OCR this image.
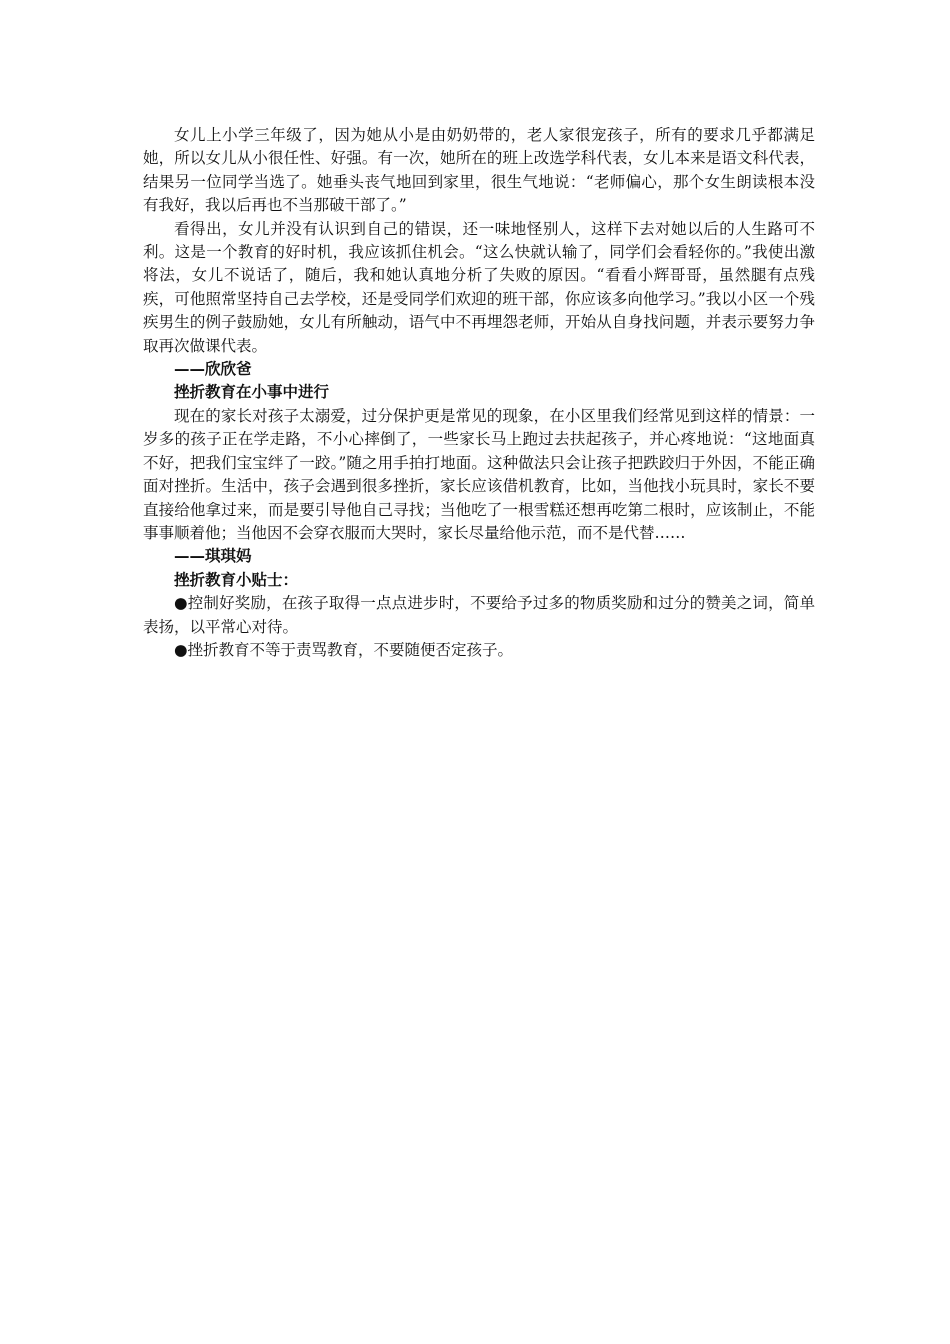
女儿上小学三年级了，因为她从小是由奶奶带的，老人家很宠孩子，所有的要求几乎都满足她，所以女儿从小很任性、好强。有一次，她所在的班上改选学科代表，女儿本来是语文科代表，结果另一位同学当选了。她垂头丧气地回到家里，很生气地说：“老师偏心，那个女生朗读根本没有我好，我以后再也不当那破干部了。”

看得出，女儿并没有认识到自己的错误，还一味地怪别人，这样下去对她以后的人生路可不利。这是一个教育的好时机，我应该抓住机会。“这么快就认输了，同学们会看轻你的。”我使出激将法，女儿不说话了，随后，我和她认真地分析了失败的原因。“看看小辉哥哥，虽然腿有点残疾，可他照常坚持自己去学校，还是受同学们欢迎的班干部，你应该多向他学习。”我以小区一个残疾男生的例子鼓励她，女儿有所触动，语气中不再埋怨老师，开始从自身找问题，并表示要努力争取再次做课代表。

——欣欣爸

挫折教育在小事中进行

现在的家长对孩子太溺爱，过分保护更是常见的现象，在小区里我们经常见到这样的情景：一岁多的孩子正在学走路，不小心摔倒了，一些家长马上跑过去扶起孩子，并心疼地说：“这地面真不好，把我们宝宝绊了一跤。”随之用手拍打地面。这种做法只会让孩子把跌跤归于外因，不能正确面对挫折。生活中，孩子会遇到很多挫折，家长应该借机教育，比如，当他找小玩具时，家长不要直接给他拿过来，而是要引导他自己寻找；当他吃了一根雪糕还想再吃第二根时，应该制止，不能事事顺着他；当他因不会穿衣服而大哭时，家长尽量给他示范，而不是代替……

——琪琪妈

挫折教育小贴士：

●控制好奖励，在孩子取得一点点进步时，不要给予过多的物质奖励和过分的赞美之词，简单表扬，以平常心对待。

●挫折教育不等于责骂教育，不要随便否定孩子。
